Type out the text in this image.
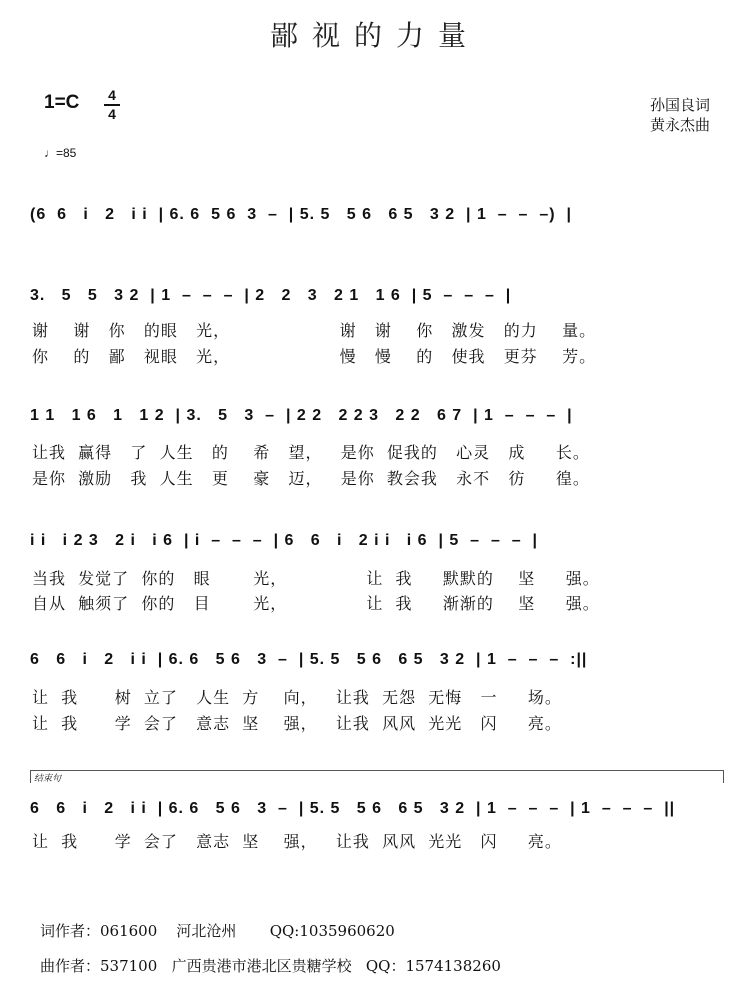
鄙视的力量
1=C 4
4
♩=85
孙国良词
黄永杰曲

(6  6   i   2   i i  | 6. 6  5 6  3  –  | 5. 5   5 6   6 5   3 2  | 1  –  –  –)  |

3.   5   5   3 2  | 1  –  –  –  | 2   2   3   2 1   1 6  | 5  –  –  –  |

谢    谢   你   的眼   光，                  谢   谢    你   激发   的力    量。
你    的   鄙   视眼   光，                  慢   慢    的   使我   更芬    芳。

1 1   1 6   1   1 2  | 3.   5   3  –  | 2 2   2 2 3   2 2   6 7  | 1  –  –  –  |

让我  赢得   了  人生   的    希   望，   是你  促我的   心灵   成     长。
是你  激励   我  人生   更    豪   迈，   是你  教会我   永不   彷     徨。

i i   i 2 3   2 i   i 6  | i  –  –  –  | 6   6   i   2 i i   i 6  | 5  –  –  –  |

当我  发觉了  你的   眼       光，             让  我     默默的    坚     强。
自从  触须了  你的   目       光，             让  我     渐渐的    坚     强。

6   6   i   2   i i  | 6. 6   5 6   3  –  | 5. 5   5 6   6 5   3 2  | 1  –  –  –  :||

让  我      树  立了   人生  方    向，   让我  无怨  无悔   一     场。
让  我      学  会了   意志  坚    强，   让我  风风  光光   闪     亮。
结束句

6   6   i   2   i i  | 6. 6   5 6   3  –  | 5. 5   5 6   6 5   3 2  | 1  –  –  –  | 1  –  –  –  ||

让  我      学  会了   意志  坚    强，   让我  风风  光光   闪     亮。
词作者：061600    河北沧州       QQ:1035960620
曲作者：537100   广西贵港市港北区贵糖学校   QQ：1574138260
